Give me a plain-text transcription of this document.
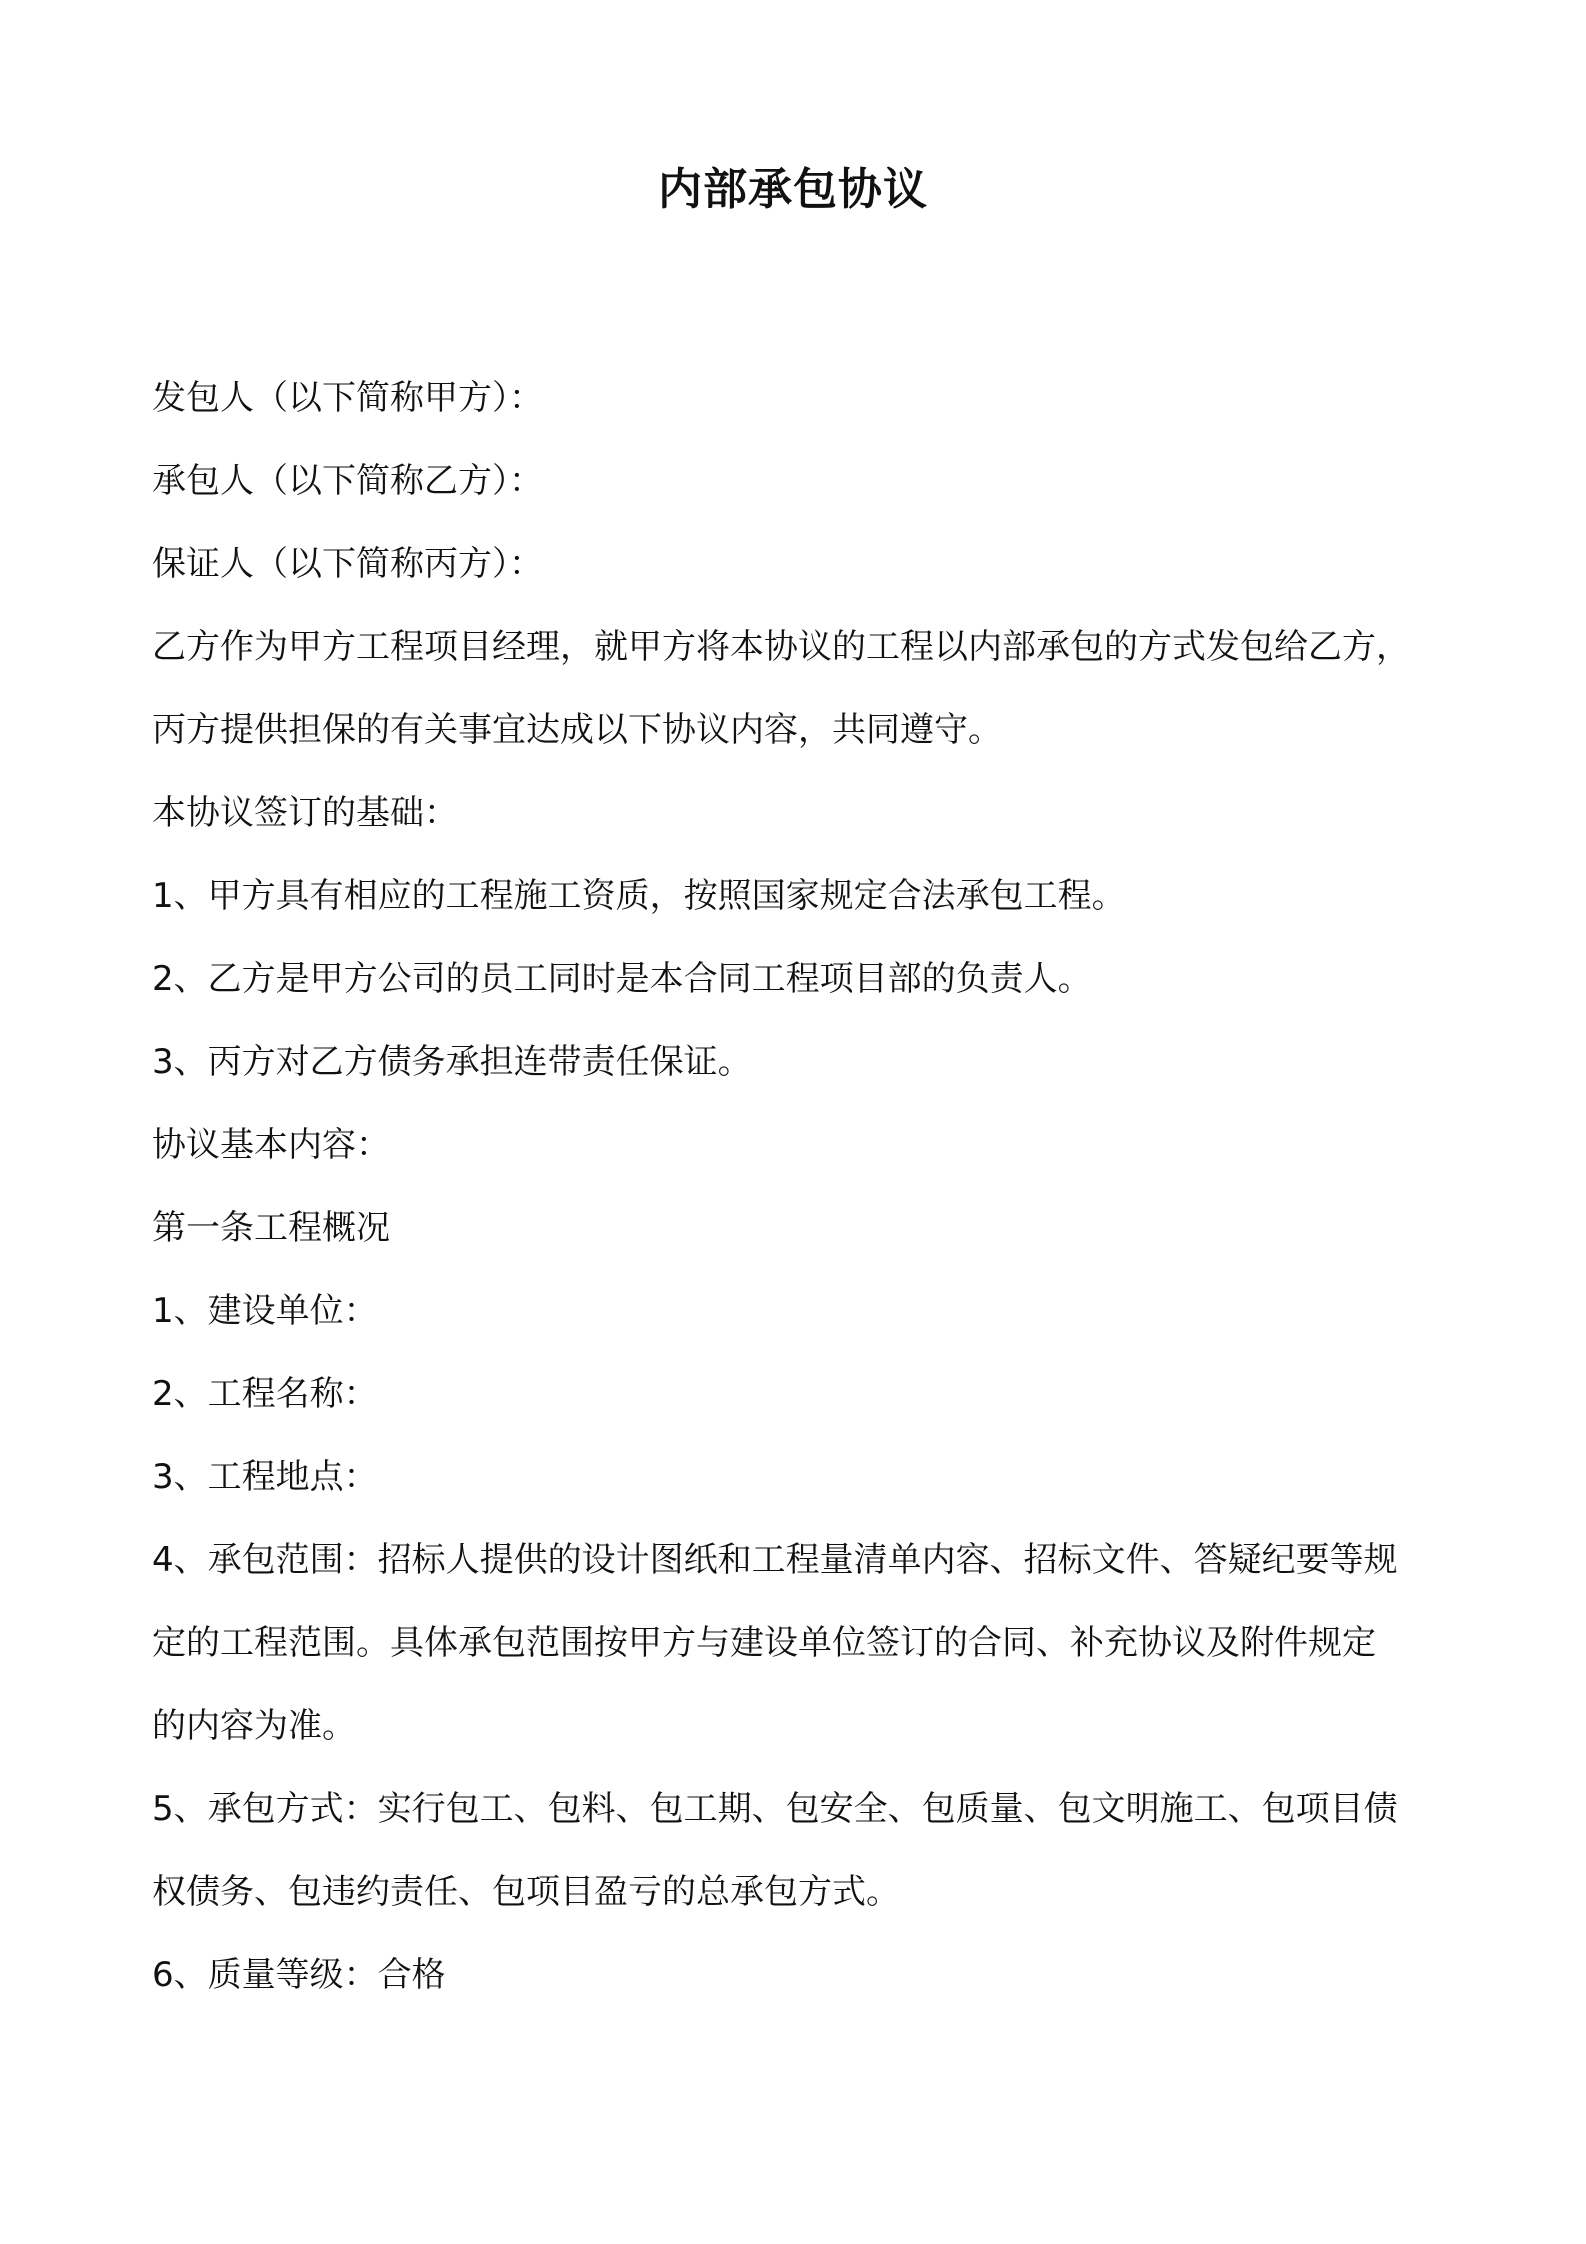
内部承包协议
发包人（以下简称甲方）：
承包人（以下简称乙方）：
保证人（以下简称丙方）：
乙方作为甲方工程项目经理，就甲方将本协议的工程以内部承包的方式发包给乙方，
丙方提供担保的有关事宜达成以下协议内容，共同遵守。
本协议签订的基础：
1、甲方具有相应的工程施工资质，按照国家规定合法承包工程。
2、乙方是甲方公司的员工同时是本合同工程项目部的负责人。
3、丙方对乙方债务承担连带责任保证。
协议基本内容：
第一条工程概况
1、建设单位：
2、工程名称：
3、工程地点：
4、承包范围：招标人提供的设计图纸和工程量清单内容、招标文件、答疑纪要等规
定的工程范围。具体承包范围按甲方与建设单位签订的合同、补充协议及附件规定
的内容为准。
5、承包方式：实行包工、包料、包工期、包安全、包质量、包文明施工、包项目债
权债务、包违约责任、包项目盈亏的总承包方式。
6、质量等级：合格
